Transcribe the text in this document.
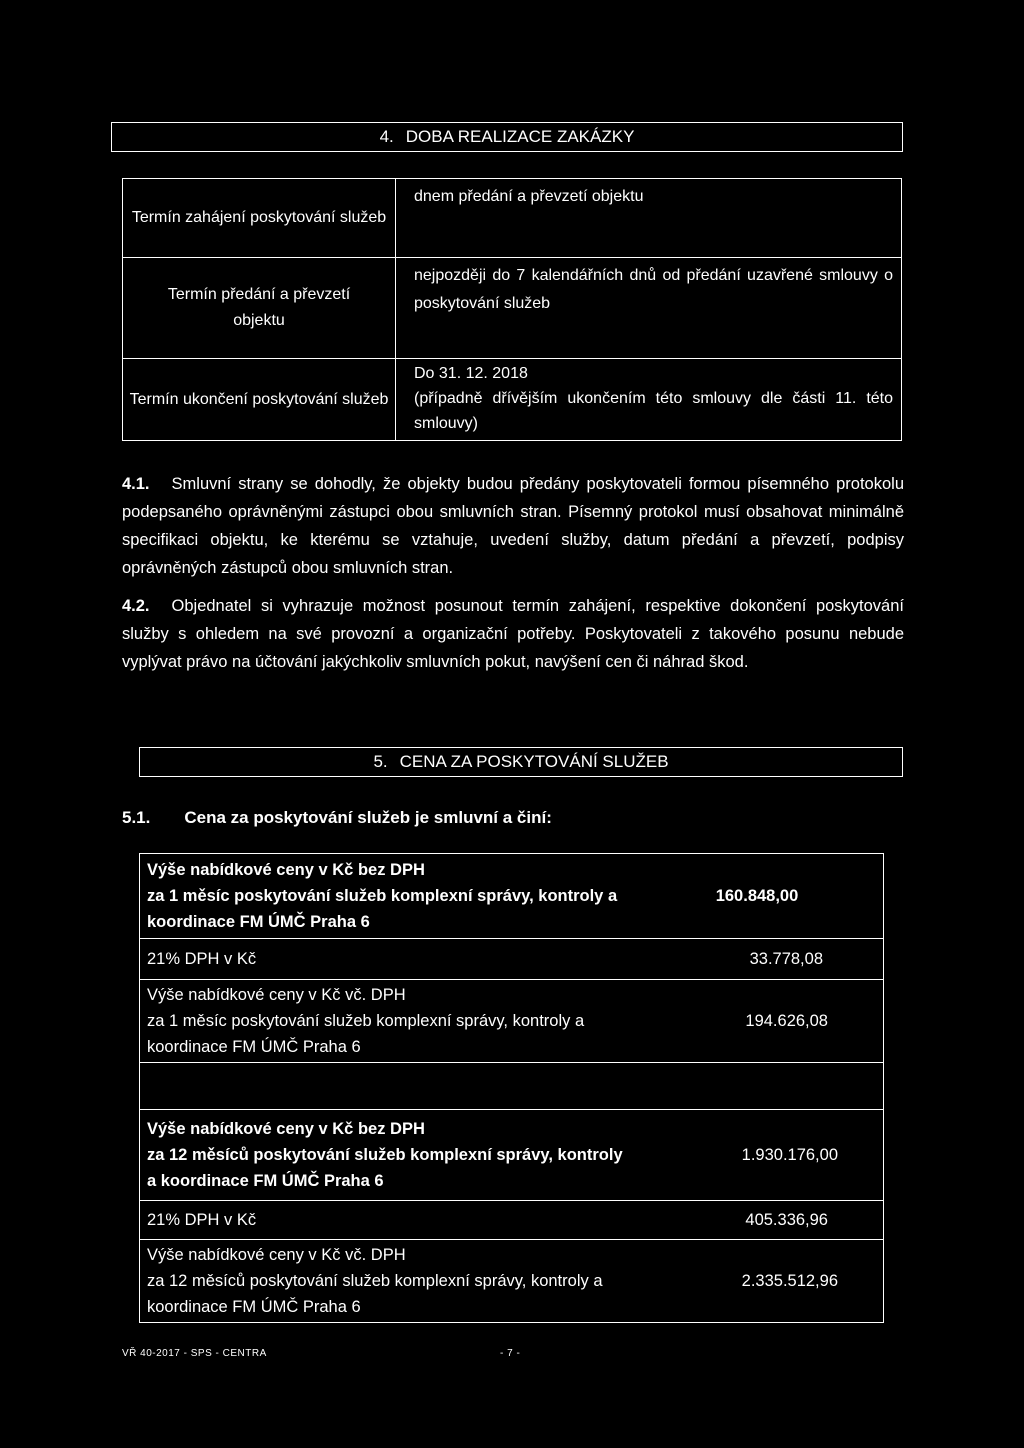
4. DOBA REALIZACE ZAKÁZKY
Termín zahájení poskytování služeb	dnem předání a převzetí objektu
Termín předání a převzetí objektu	nejpozději do 7 kalendářních dnů od předání uzavřené smlouvy o poskytování služeb
Termín ukončení poskytování služeb	Do 31. 12. 2018
(případně dřívějším ukončením této smlouvy dle části 11. této smlouvy)
4.1. Smluvní strany se dohodly, že objekty budou předány poskytovateli formou písemného protokolu podepsaného oprávněnými zástupci obou smluvních stran. Písemný protokol musí obsahovat minimálně specifikaci objektu, ke kterému se vztahuje, uvedení služby, datum předání a převzetí, podpisy oprávněných zástupců obou smluvních stran.
4.2. Objednatel si vyhrazuje možnost posunout termín zahájení, respektive dokončení poskytování služby s ohledem na své provozní a organizační potřeby. Poskytovateli z takového posunu nebude vyplývat právo na účtování jakýchkoliv smluvních pokut, navýšení cen či náhrad škod.
5. CENA ZA POSKYTOVÁNÍ SLUŽEB
5.1. Cena za poskytování služeb je smluvní a činí:
Výše nabídkové ceny v Kč bez DPH
za 1 měsíc poskytování služeb komplexní správy, kontroly a
koordinace FM ÚMČ Praha 6	160.848,00

21% DPH v Kč	33.778,08

Výše nabídkové ceny v Kč vč. DPH
za 1 měsíc poskytování služeb komplexní správy, kontroly a
koordinace FM ÚMČ Praha 6	194.626,08

Výše nabídkové ceny v Kč bez DPH
za 12 měsíců poskytování služeb komplexní správy, kontroly
a koordinace FM ÚMČ Praha 6	1.930.176,00

21% DPH v Kč	405.336,96

Výše nabídkové ceny v Kč vč. DPH
za 12 měsíců poskytování služeb komplexní správy, kontroly a
koordinace FM ÚMČ Praha 6	2.335.512,96
VŘ 40-2017 - SPS - CENTRA	- 7 -
